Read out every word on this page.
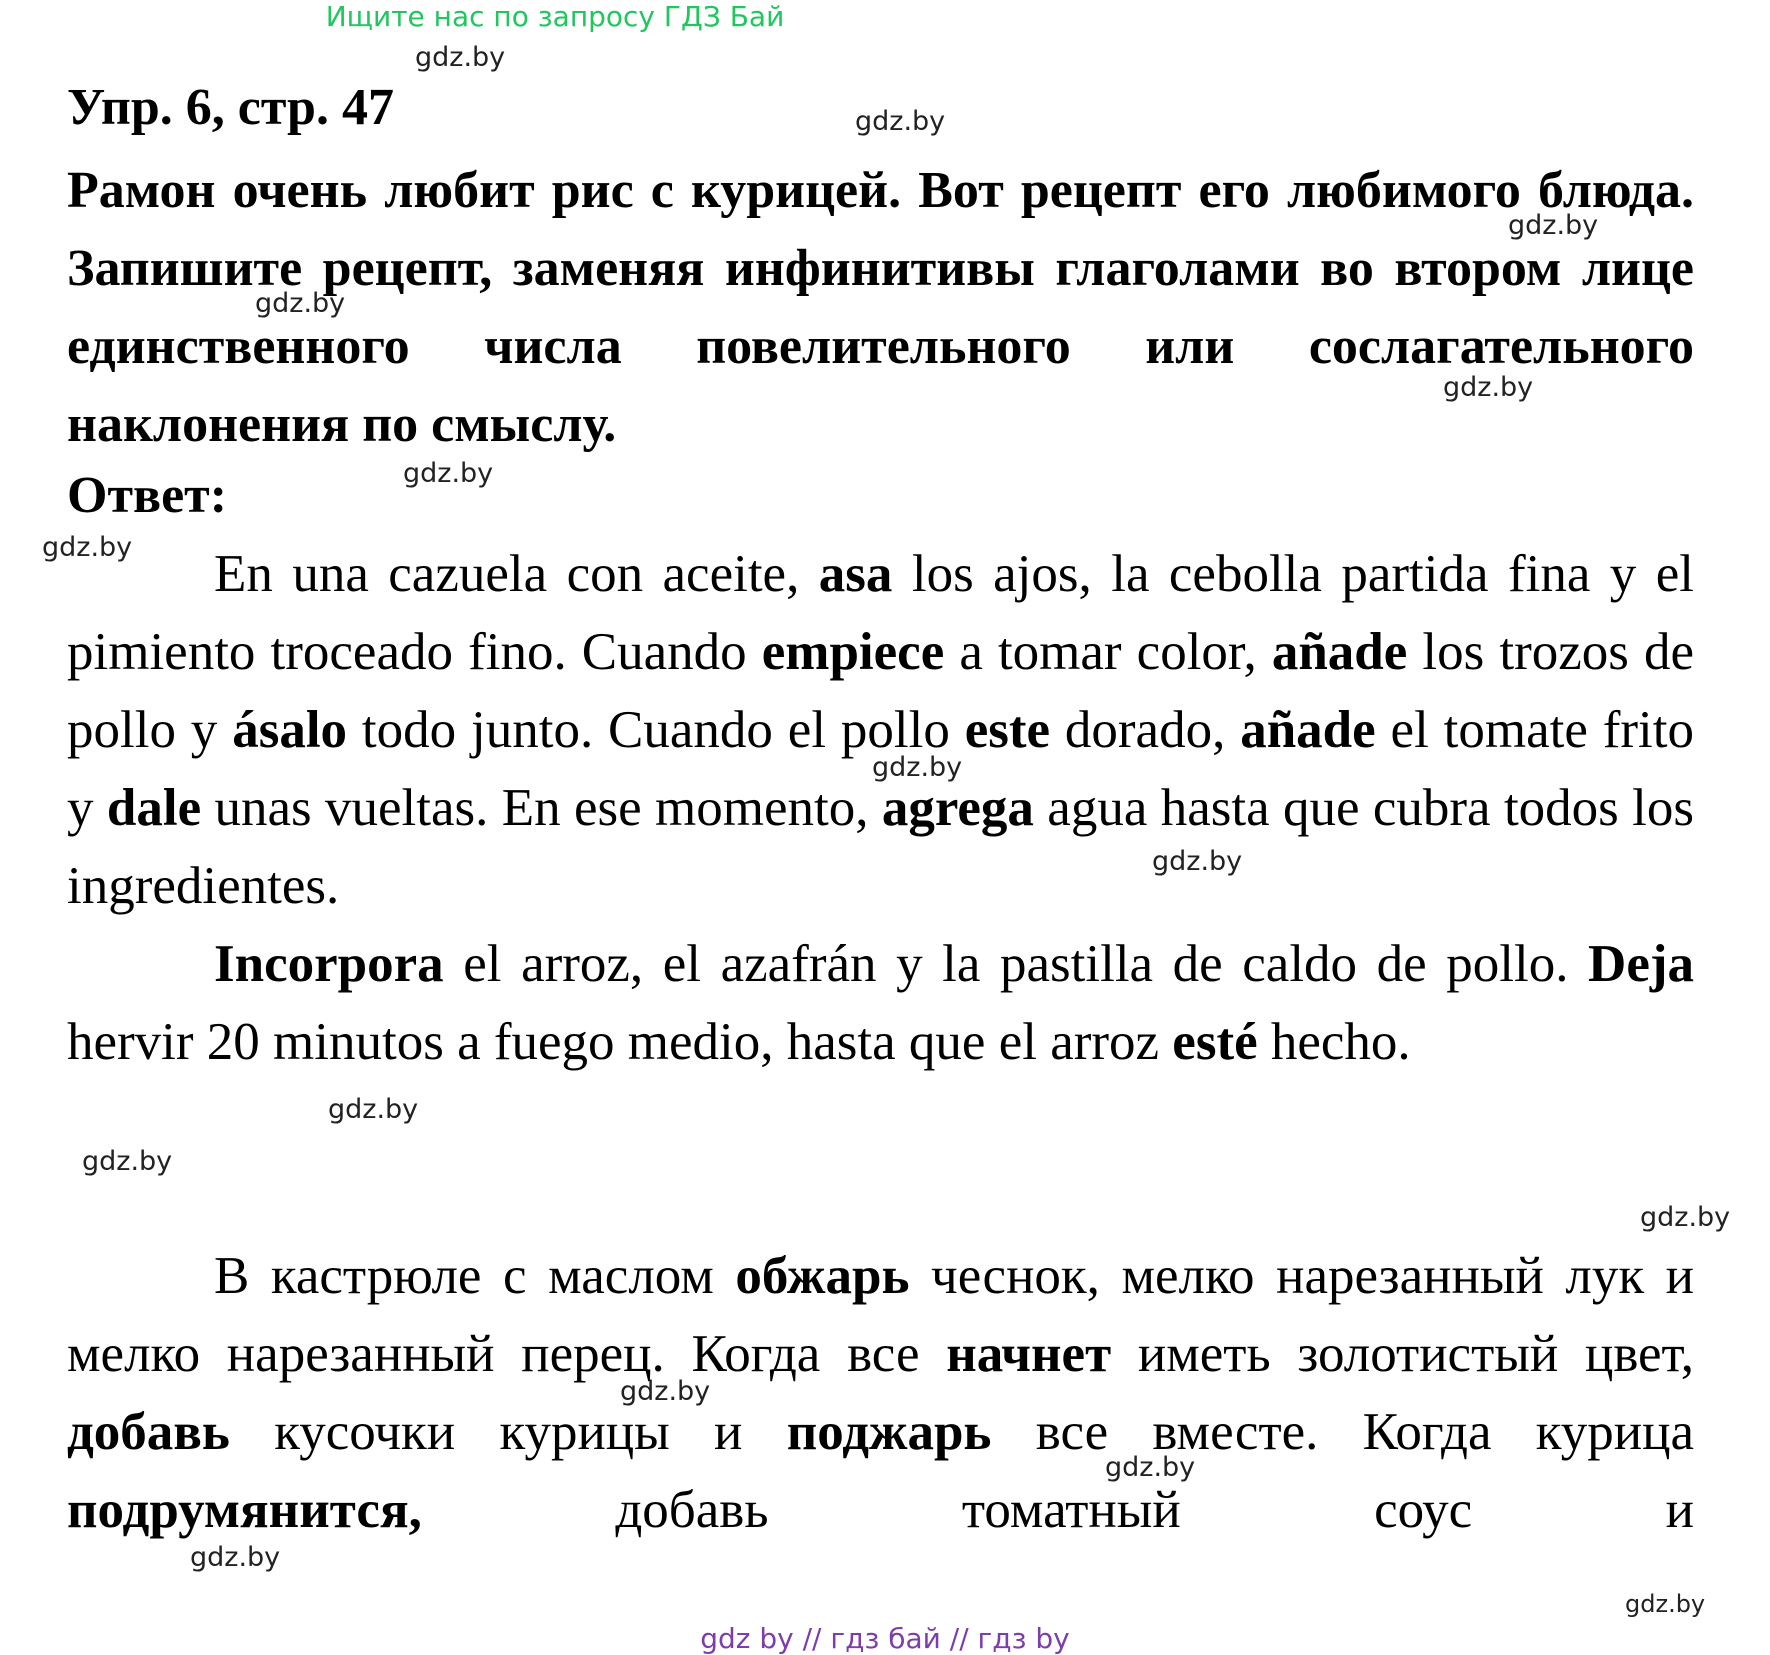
Ищите нас по запросу ГДЗ Бай
Упр. 6, стр. 47

Рамон очень любит рис с курицей. Вот рецепт его любимого блюда. Запишите рецепт, заменяя инфинитивы глаголами во втором лице единственного числа повелительного или сослагательного наклонения по смыслу.

Ответ:

En una cazuela con aceite, asa los ajos, la cebolla partida fina y el pimiento troceado fino. Cuando empiece a tomar color, añade los trozos de pollo y ásalo todo junto. Cuando el pollo este dorado, añade el tomate frito y dale unas vueltas. En ese momento, agrega agua hasta que cubra todos los ingredientes.

Incorpora el arroz, el azafrán y la pastilla de caldo de pollo. Deja hervir 20 minutos a fuego medio, hasta que el arroz esté hecho.

В кастрюле с маслом обжарь чеснок, мелко нарезанный лук и мелко нарезанный перец. Когда все начнет иметь золотистый цвет, добавь кусочки курицы и поджарь все вместе. Когда курица подрумянится, добавь томатный соус и

gdz.by
gdz.by
gdz.by
gdz.by
gdz.by
gdz.by
gdz.by
gdz.by
gdz.by
gdz.by
gdz.by
gdz.by
gdz.by
gdz.by
gdz.by
gdz.by
gdz by // гдз бай // гдз by
